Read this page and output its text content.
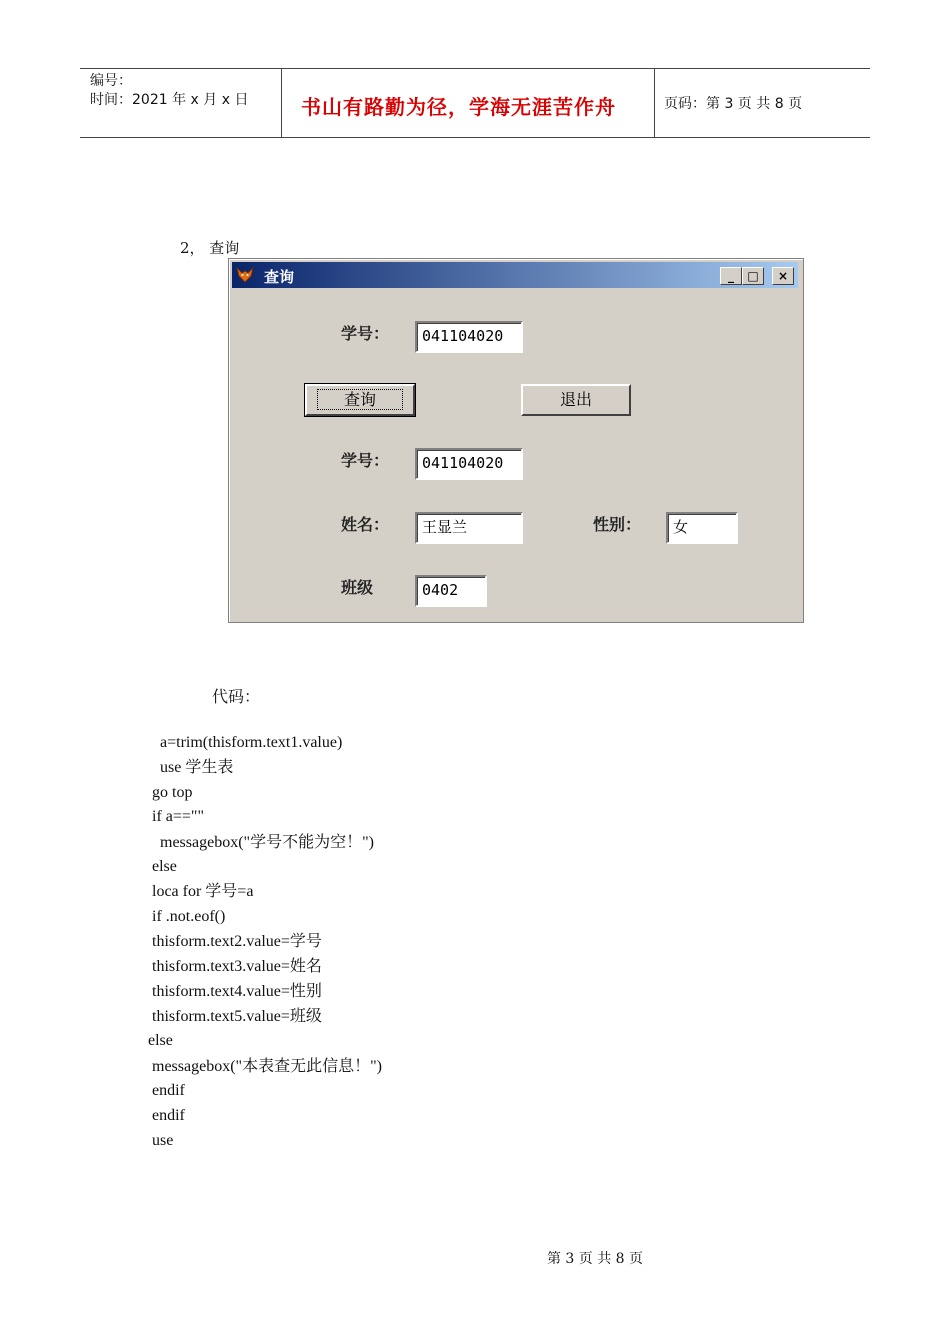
编号：
时间：2021 年 x 月 x 日	书山有路勤为径，学海无涯苦作舟	页码：第 3 页 共 8 页
2， 查询
查询	_	□	×
学号：	041104020
查询	退出
学号：	041104020
姓名：	王显兰	性别：	女
班级	0402
代码：
a=trim(thisform.text1.value)
use 学生表
go top
if a==""
messagebox("学号不能为空！")
else
loca for 学号=a
if .not.eof()
thisform.text2.value=学号
thisform.text3.value=姓名
thisform.text4.value=性别
thisform.text5.value=班级
else
messagebox("本表查无此信息！")
endif
endif
use
第 3 页 共 8 页
